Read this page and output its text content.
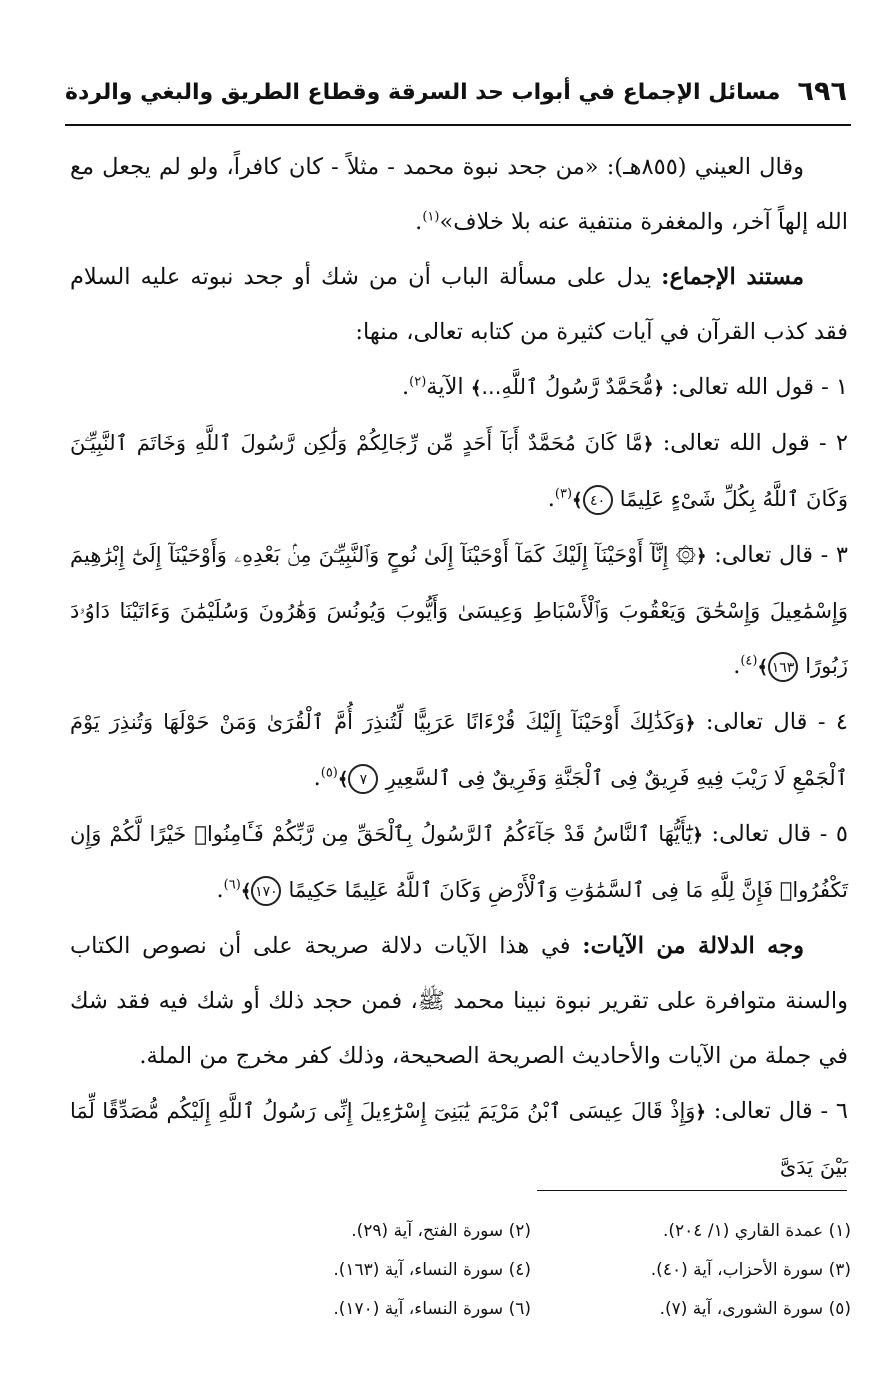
٦٩٦
مسائل الإجماع في أبواب حد السرقة وقطاع الطريق والبغي والردة

وقال العيني (٨٥٥هـ): «من جحد نبوة محمد - مثلاً - كان كافراً، ولو لم يجعل مع الله إلهاً آخر، والمغفرة منتفية عنه بلا خلاف»$^{(١)}$.

مستند الإجماع: يدل على مسألة الباب أن من شك أو جحد نبوته عليه السلام فقد كذب القرآن في آيات كثيرة من كتابه تعالى، منها:

١ - قول الله تعالى: ﴿مُّحَمَّدٌ رَّسُولُ ٱللَّهِ...﴾ الآية$^{(٢)}$.

٢ - قول الله تعالى: ﴿مَّا كَانَ مُحَمَّدٌ أَبَآ أَحَدٍ مِّن رِّجَالِكُمْ وَلَٰكِن رَّسُولَ ٱللَّهِ وَخَاتَمَ ٱلنَّبِيِّـۧنَ وَكَانَ ٱللَّهُ بِكُلِّ شَىْءٍ عَلِيمًا ٤٠﴾$^{(٣)}$.

٣ - قال تعالى: ﴿۞ إِنَّآ أَوْحَيْنَآ إِلَيْكَ كَمَآ أَوْحَيْنَآ إِلَىٰ نُوحٍ وَٱلنَّبِيِّـۧنَ مِنۢ بَعْدِهِۦ وَأَوْحَيْنَآ إِلَىٰٓ إِبْرَٰهِيمَ وَإِسْمَٰعِيلَ وَإِسْحَٰقَ وَيَعْقُوبَ وَٱلْأَسْبَاطِ وَعِيسَىٰ وَأَيُّوبَ وَيُونُسَ وَهَٰرُونَ وَسُلَيْمَٰنَ وَءَاتَيْنَا دَاوُۥدَ زَبُورًا ١٦٣﴾$^{(٤)}$.

٤ - قال تعالى: ﴿وَكَذَٰلِكَ أَوْحَيْنَآ إِلَيْكَ قُرْءَانًا عَرَبِيًّا لِّتُنذِرَ أُمَّ ٱلْقُرَىٰ وَمَنْ حَوْلَهَا وَتُنذِرَ يَوْمَ ٱلْجَمْعِ لَا رَيْبَ فِيهِ فَرِيقٌ فِى ٱلْجَنَّةِ وَفَرِيقٌ فِى ٱلسَّعِيرِ ٧﴾$^{(٥)}$.

٥ - قال تعالى: ﴿يَٰٓأَيُّهَا ٱلنَّاسُ قَدْ جَآءَكُمُ ٱلرَّسُولُ بِٱلْحَقِّ مِن رَّبِّكُمْ فَـَٔامِنُوا۟ خَيْرًا لَّكُمْ وَإِن تَكْفُرُوا۟ فَإِنَّ لِلَّهِ مَا فِى ٱلسَّمَٰوَٰتِ وَٱلْأَرْضِ وَكَانَ ٱللَّهُ عَلِيمًا حَكِيمًا ١٧٠﴾$^{(٦)}$.

وجه الدلالة من الآيات: في هذا الآيات دلالة صريحة على أن نصوص الكتاب والسنة متوافرة على تقرير نبوة نبينا محمد ﷺ، فمن حجد ذلك أو شك فيه فقد شك في جملة من الآيات والأحاديث الصريحة الصحيحة، وذلك كفر مخرج من الملة.

٦ - قال تعالى: ﴿وَإِذْ قَالَ عِيسَى ٱبْنُ مَرْيَمَ يَٰبَنِىٓ إِسْرَٰٓءِيلَ إِنِّى رَسُولُ ٱللَّهِ إِلَيْكُم مُّصَدِّقًا لِّمَا بَيْنَ يَدَىَّ

(١) عمدة القاري (١/ ٢٠٤).
(٢) سورة الفتح، آية (٢٩).
(٣) سورة الأحزاب، آية (٤٠).
(٤) سورة النساء، آية (١٦٣).
(٥) سورة الشورى، آية (٧).
(٦) سورة النساء، آية (١٧٠).
